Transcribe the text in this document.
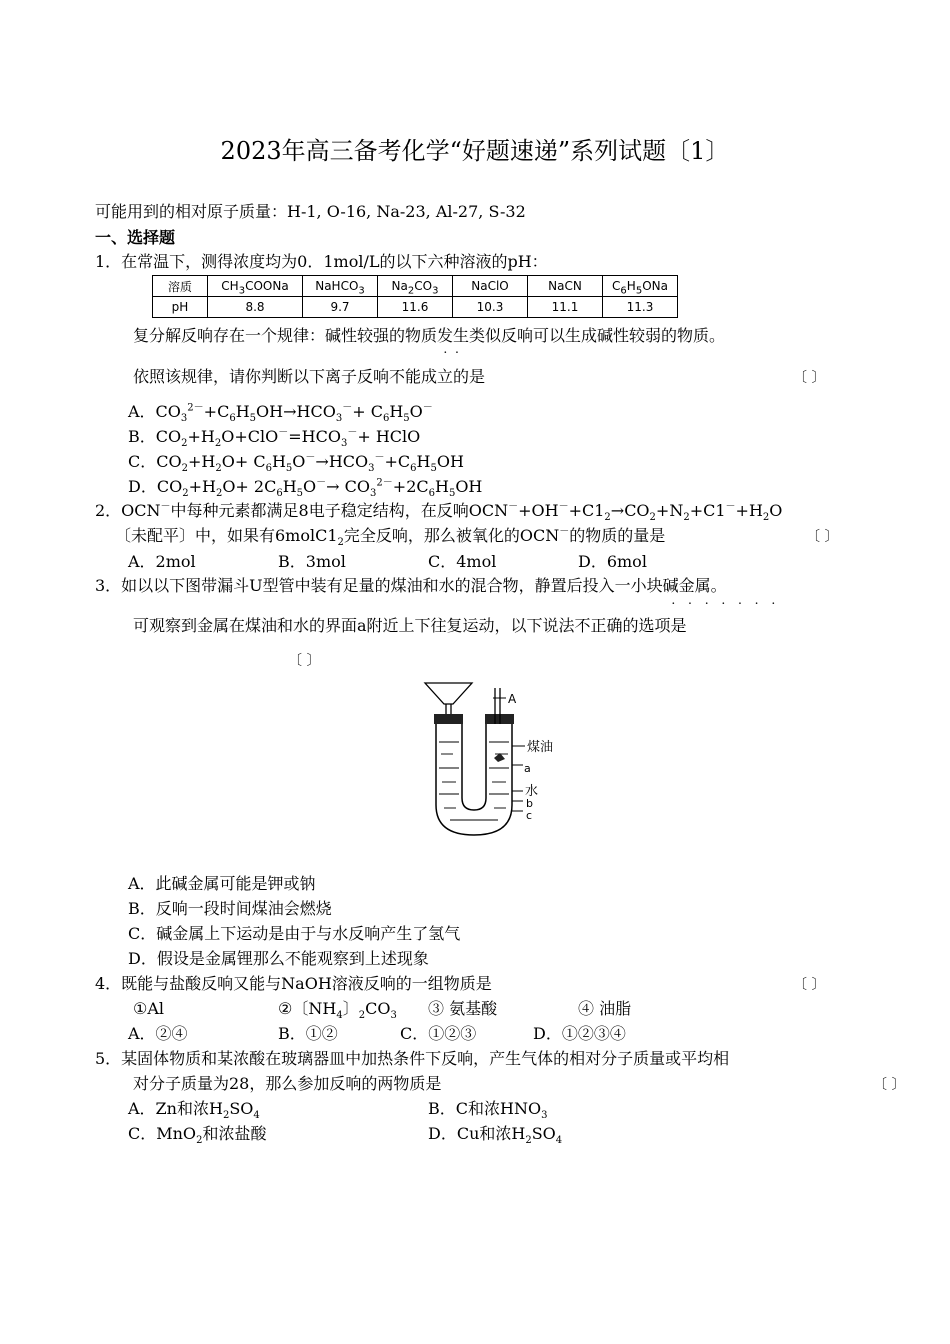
2023年高三备考化学“好题速递”系列试题〔1〕
可能用到的相对原子质量：H-1, O-16, Na-23, Al-27, S-32
一、选择题
1．在常温下，测得浓度均为0．1mol/L的以下六种溶液的pH：
溶质	$CH_3COONa$	NaHCO$_3$	$Na_2CO_3$	NaClO	NaCN	$C_6H_5ONa$
pH	8.8	9.7	11.6	10.3	11.1	11.3
复分解反响存在一个规律：碱性较强的物质发生类似反响可以生成碱性较弱的物质。
·  ·
依照该规律，请你判断以下离子反响不能成立的是	〔 〕
A．$CO_3^{2-}+C_6H_5OH\to HCO_3^-+ C_6H_5O^-$
B．$CO_2+H_2O+ClO^-=HCO_3^-+$ HClO
C．$CO_2+H_2O+ C_6H_5O^-\to HCO_3^-+C_6H_5OH$
D．$CO_2+H_2O+ 2C_6H_5O^-\to CO_3^{2-}+2C_6H_5OH$
2．OCN－中每种元素都满足8电子稳定结构，在反响$OCN^-+OH^-+C1_2\to CO_2+N_2+C1^-+H_2O$
〔未配平〕中，如果有$6molC1_2$完全反响，那么被氧化的OCN－的物质的量是	〔 〕
A．2mol	B．3mol	C．4mol	D．6mol
3．如以以下图带漏斗U型管中装有足量的煤油和水的混合物，静置后投入一小块碱金属。
·······
可观察到金属在煤油和水的界面a附近上下往复运动，以下说法不正确的选项是
〔 〕
A
煤油
a
水
b
c
A．此碱金属可能是钾或钠
B．反响一段时间煤油会燃烧
C．碱金属上下运动是由于与水反响产生了氢气
D．假设是金属锂那么不能观察到上述现象
4．既能与盐酸反响又能与NaOH溶液反响的一组物质是	〔 〕
①Al	②〔$NH_4$〕$_2CO_3$ ③ 氨基酸	④ 油脂
A．②④	B．①②	C．①②③	D．①②③④
5．某固体物质和某浓酸在玻璃器皿中加热条件下反响，产生气体的相对分子质量或平均相
对分子质量为28，那么参加反响的两物质是	〔 〕
A．Zn和浓$H_2SO_4$	B．C和浓$HNO_3$
C．MnO$_2$和浓盐酸	D．Cu和浓$H_2SO_4$
